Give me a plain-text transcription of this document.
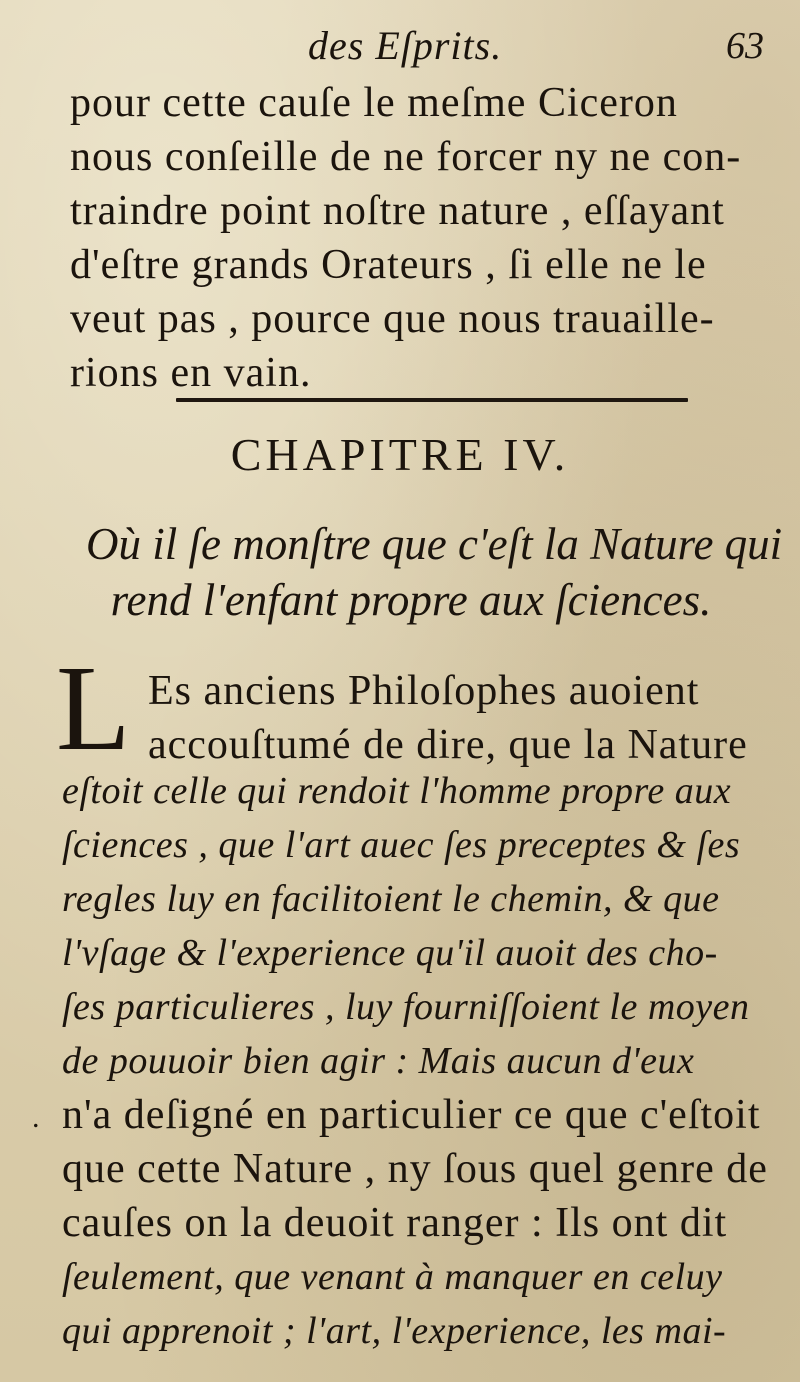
des Eſprits.	63
pour cette cauſe le meſme Ciceron
nous conſeille de ne forcer ny ne con-
traindre point noſtre nature , eſſayant
d'eſtre grands Orateurs , ſi elle ne le
veut pas , pource que nous trauaille-
rions en vain.
CHAPITRE IV.
Où il ſe monſtre que c'eſt la Nature qui
rend l'enfant propre aux ſciences.
L Es anciens Philoſophes auoient
accouſtumé de dire, que la Nature
eſtoit celle qui rendoit l'homme propre aux
ſciences , que l'art auec ſes preceptes & ſes
regles luy en facilitoient le chemin, & que
l'vſage & l'experience qu'il auoit des cho-
ſes particulieres , luy fourniſſoient le moyen
de pouuoir bien agir : Mais aucun d'eux
n'a deſigné en particulier ce que c'eſtoit
que cette Nature , ny ſous quel genre de
cauſes on la deuoit ranger : Ils ont dit
ſeulement, que venant à manquer en celuy
qui apprenoit ; l'art, l'experience, les mai-
.
